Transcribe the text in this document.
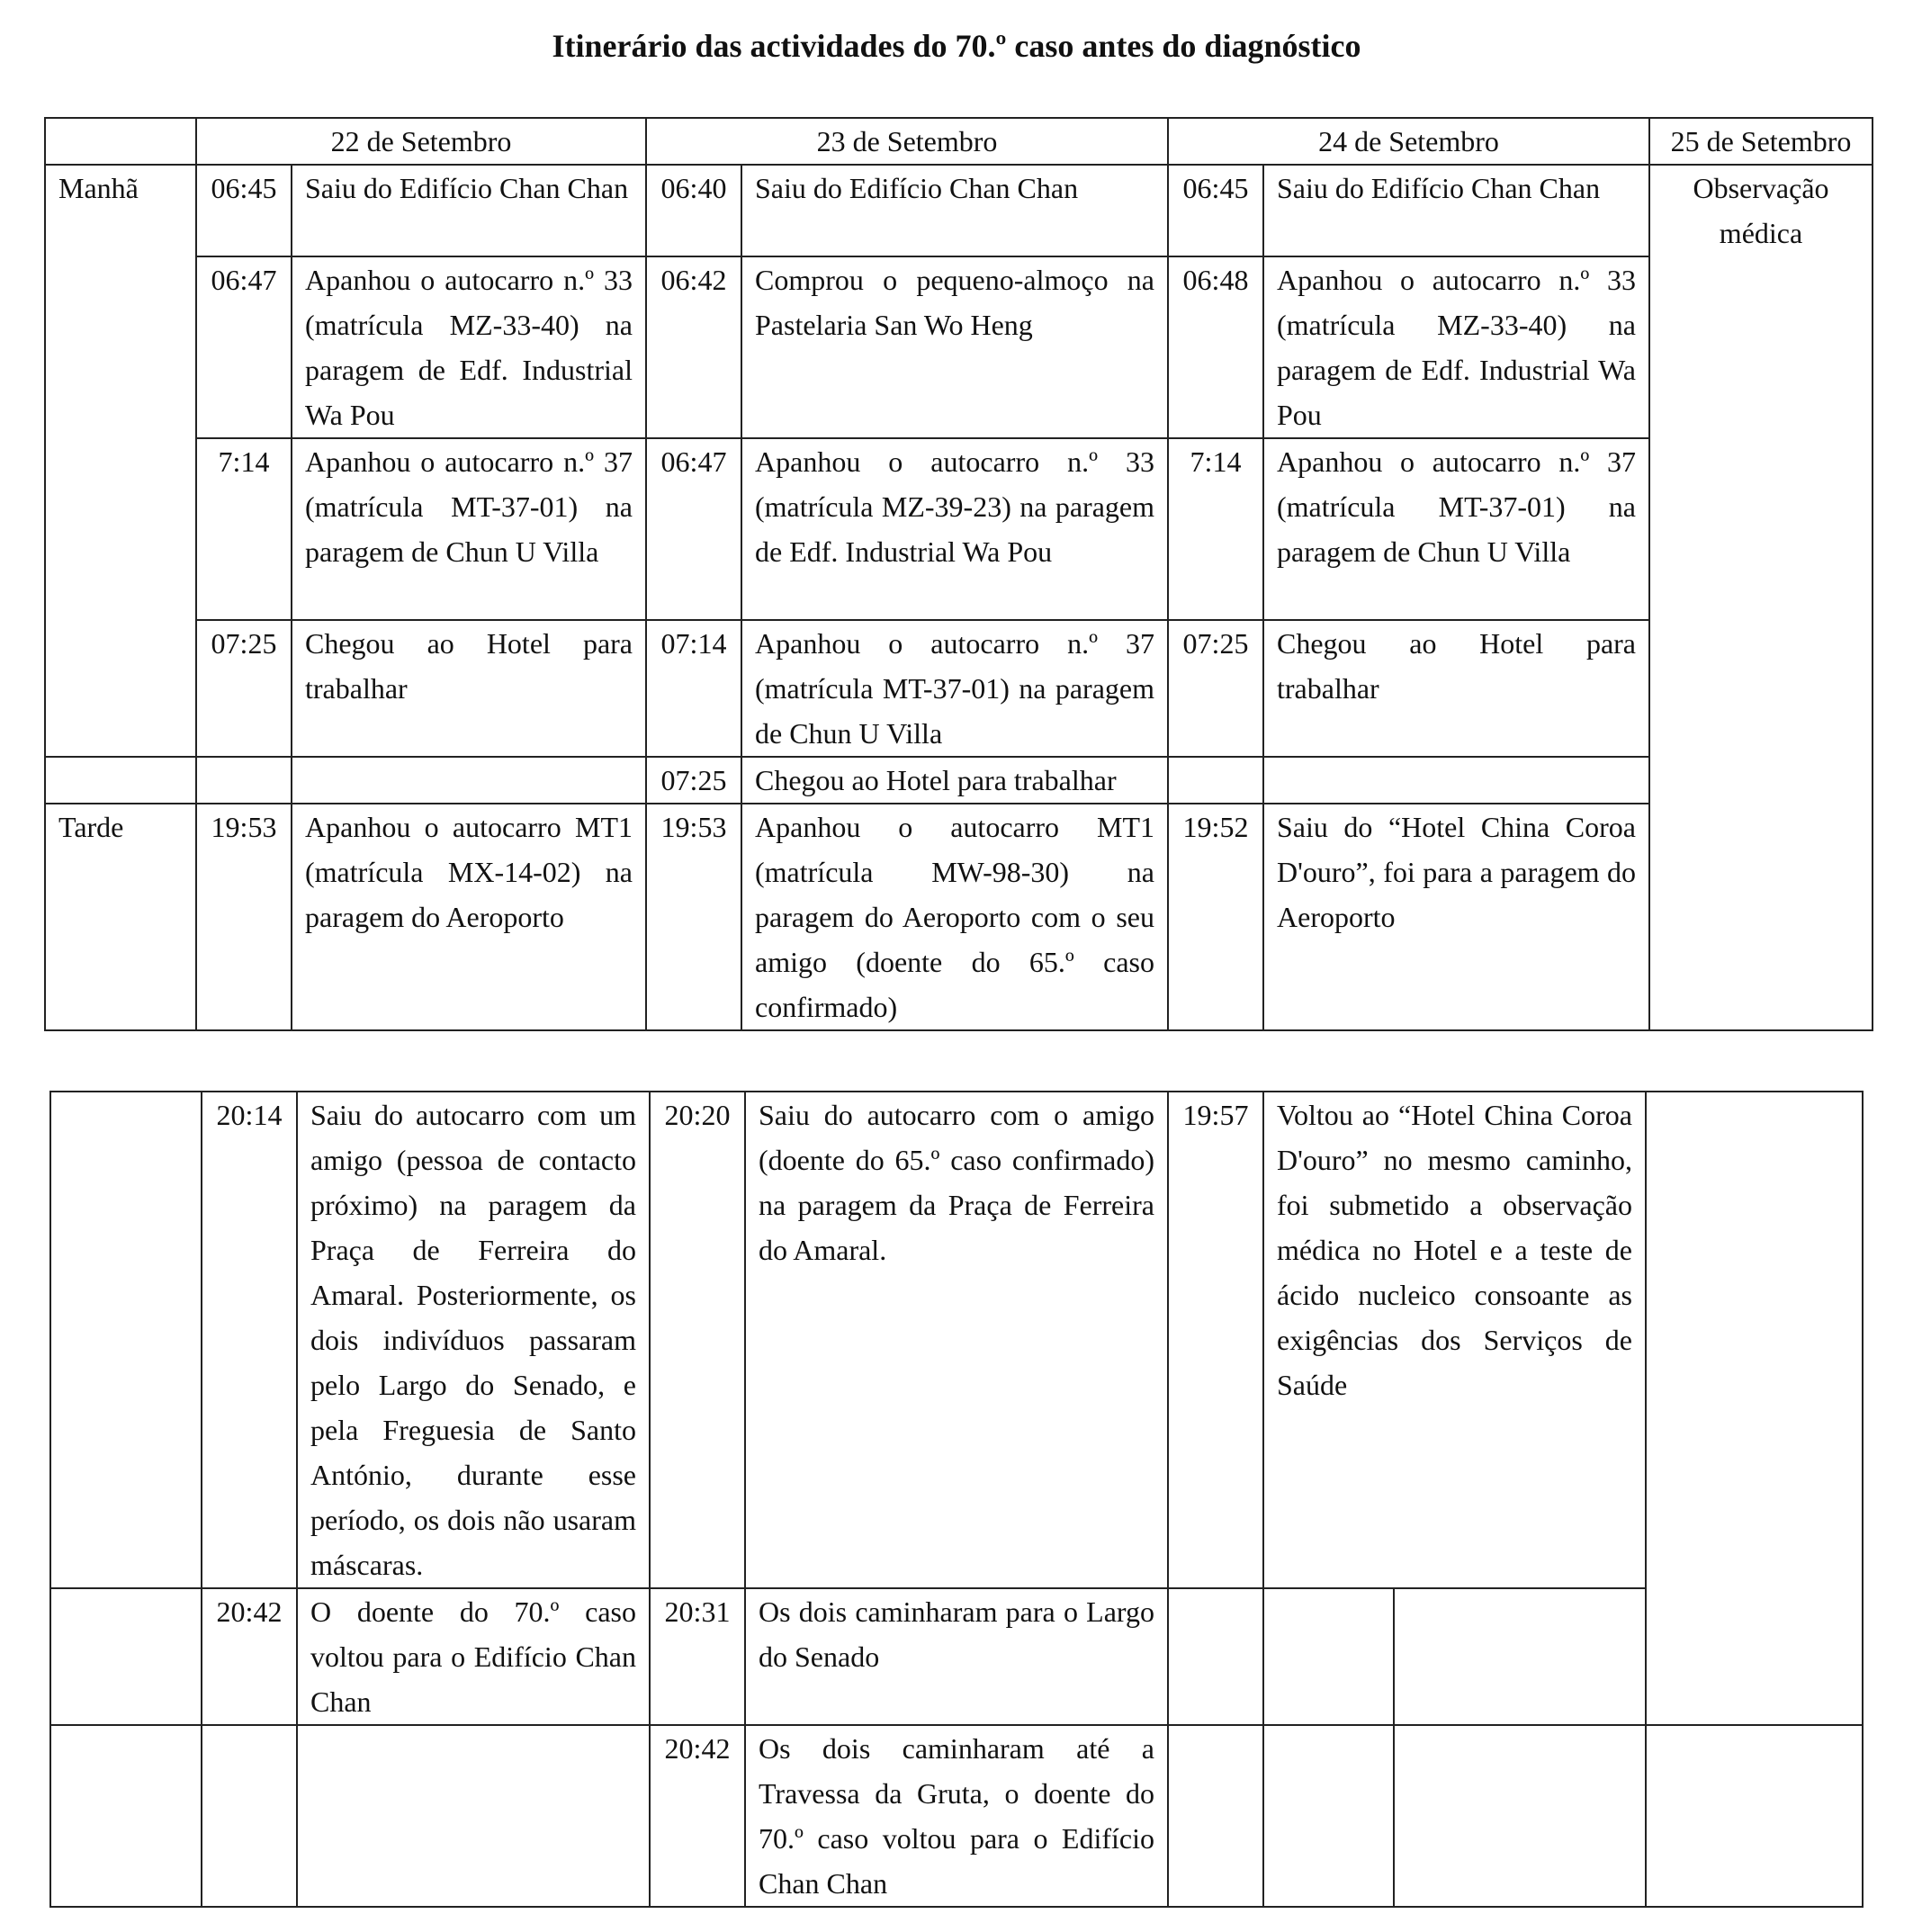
Itinerário das actividades do 70.º caso antes do diagnóstico
	22 de Setembro		23 de Setembro		24 de Setembro		25 de Setembro
Manhã	06:45	Saiu do Edifício Chan Chan	06:40	Saiu do Edifício Chan Chan	06:45	Saiu do Edifício Chan Chan	Observação médica
	06:47	Apanhou o autocarro n.º 33 (matrícula MZ-33-40) na paragem de Edf. Industrial Wa Pou	06:42	Comprou o pequeno-almoço na Pastelaria San Wo Heng	06:48	Apanhou o autocarro n.º 33 (matrícula MZ-33-40) na paragem de Edf. Industrial Wa Pou	
	7:14	Apanhou o autocarro n.º 37 (matrícula MT-37-01) na paragem de Chun U Villa	06:47	Apanhou o autocarro n.º 33 (matrícula MZ-39-23) na paragem de Edf. Industrial Wa Pou	7:14	Apanhou o autocarro n.º 37 (matrícula MT-37-01) na paragem de Chun U Villa	
	07:25	Chegou ao Hotel para trabalhar	07:14	Apanhou o autocarro n.º 37 (matrícula MT-37-01) na paragem de Chun U Villa	07:25	Chegou ao Hotel para trabalhar	
			07:25	Chegou ao Hotel para trabalhar			
Tarde	19:53	Apanhou o autocarro MT1 (matrícula MX-14-02) na paragem do Aeroporto	19:53	Apanhou o autocarro MT1 (matrícula MW-98-30) na paragem do Aeroporto com o seu amigo (doente do 65.º caso confirmado)	19:52	Saiu do “Hotel China Coroa D'ouro”, foi para a paragem do Aeroporto	
	20:14	Saiu do autocarro com um amigo (pessoa de contacto próximo) na paragem da Praça de Ferreira do Amaral. Posteriormente, os dois indivíduos passaram pelo Largo do Senado, e pela Freguesia de Santo António, durante esse período, os dois não usaram máscaras.	20:20	Saiu do autocarro com o amigo (doente do 65.º caso confirmado) na paragem da Praça de Ferreira do Amaral.	19:57	Voltou ao “Hotel China Coroa D'ouro” no mesmo caminho, foi submetido a observação médica no Hotel e a teste de ácido nucleico consoante as exigências dos Serviços de Saúde		
	20:42	O doente do 70.º caso voltou para o Edifício Chan Chan	20:31	Os dois caminharam para o Largo do Senado				
			20:42	Os dois caminharam até a Travessa da Gruta, o doente do 70.º caso voltou para o Edifício Chan Chan				
